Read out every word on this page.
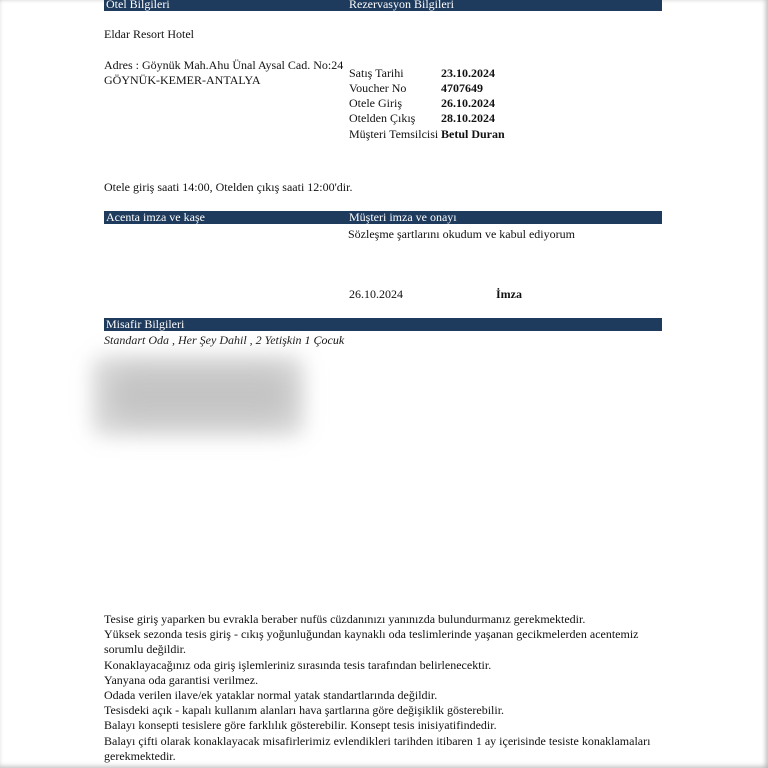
Otel Bilgileri	Rezervasyon Bilgileri
Eldar Resort Hotel
Adres : Göynük Mah.Ahu Ünal Aysal Cad. No:24
GÖYNÜK-KEMER-ANTALYA	Satış Tarihi	23.10.2024
Voucher No	4707649
Otele Giriş	26.10.2024
Otelden Çıkış 28.10.2024
Müşteri Temsilcisi Betul Duran
Otele giriş saati 14:00, Otelden çıkış saati 12:00'dir.
Acenta imza ve kaşe	Müşteri imza ve onayı
Sözleşme şartlarını okudum ve kabul ediyorum
26.10.2024	İmza
Misafir Bilgileri
Standart Oda , Her Şey Dahil , 2 Yetişkin 1 Çocuk
Tesise giriş yaparken bu evrakla beraber nufüs cüzdanınızı yanınızda bulundurmanız gerekmektedir.
Yüksek sezonda tesis giriş - cıkış yoğunluğundan kaynaklı oda teslimlerinde yaşanan gecikmelerden acentemiz sorumlu değildir.
Konaklayacağınız oda giriş işlemleriniz sırasında tesis tarafından belirlenecektir.
Yanyana oda garantisi verilmez.
Odada verilen ilave/ek yataklar normal yatak standartlarında değildir.
Tesisdeki açık - kapalı kullanım alanları hava şartlarına göre değişiklik gösterebilir.
Balayı konsepti tesislere göre farklılık gösterebilir. Konsept tesis inisiyatifindedir.
Balayı çifti olarak konaklayacak misafirlerimiz evlendikleri tarihden itibaren 1 ay içerisinde tesiste konaklamaları gerekmektedir.
